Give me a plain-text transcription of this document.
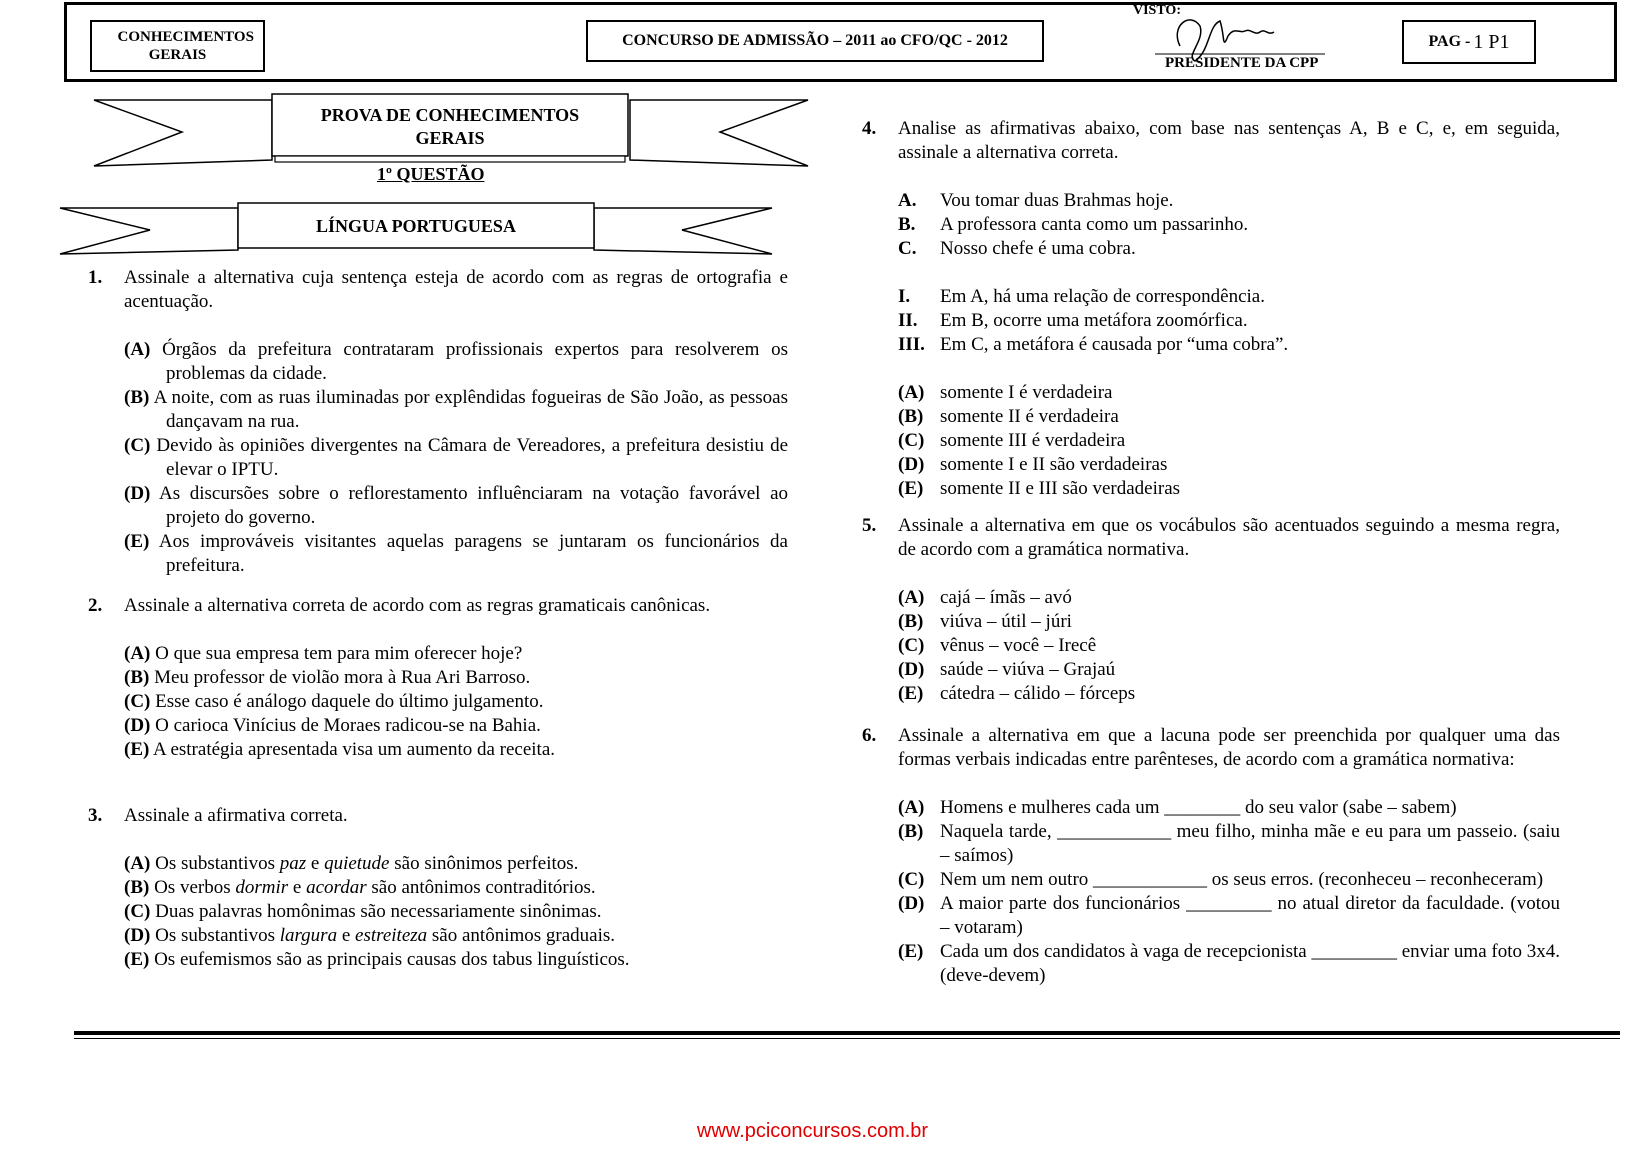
CONHECIMENTOS GERAIS
CONCURSO DE ADMISSÃO – 2011 ao CFO/QC - 2012
VISTO:
PRESIDENTE DA CPP
PAG - 1 P1
PROVA DE CONHECIMENTOS
GERAIS
1º QUESTÃO
LÍNGUA PORTUGUESA
1.	Assinale a alternativa cuja sentença esteja de acordo com as regras de ortografia e acentuação.
(A) Órgãos da prefeitura contrataram profissionais expertos para resolverem os problemas da cidade.
(B) A noite, com as ruas iluminadas por explêndidas fogueiras de São João, as pessoas dançavam na rua.
(C) Devido às opiniões divergentes na Câmara de Vereadores, a prefeitura desistiu de elevar o IPTU.
(D) As discursões sobre o reflorestamento influênciaram na votação favorável ao projeto do governo.
(E) Aos improváveis visitantes aquelas paragens se juntaram os funcionários da prefeitura.
2.	Assinale a alternativa correta de acordo com as regras gramaticais canônicas.
(A) O que sua empresa tem para mim oferecer hoje?
(B) Meu professor de violão mora à Rua Ari Barroso.
(C) Esse caso é análogo daquele do último julgamento.
(D) O carioca Vinícius de Moraes radicou-se na Bahia.
(E) A estratégia apresentada visa um aumento da receita.
3.	Assinale a afirmativa correta.
(A) Os substantivos paz e quietude são sinônimos perfeitos.
(B) Os verbos dormir e acordar são antônimos contraditórios.
(C) Duas palavras homônimas são necessariamente sinônimas.
(D) Os substantivos largura e estreiteza são antônimos graduais.
(E) Os eufemismos são as principais causas dos tabus linguísticos.
4.	Analise as afirmativas abaixo, com base nas sentenças A, B e C, e, em seguida, assinale a alternativa correta.
A.	Vou tomar duas Brahmas hoje.
B.	A professora canta como um passarinho.
C.	Nosso chefe é uma cobra.
I.	Em A, há uma relação de correspondência.
II.	Em B, ocorre uma metáfora zoomórfica.
III. Em C, a metáfora é causada por “uma cobra”.
(A) somente I é verdadeira
(B) somente II é verdadeira
(C) somente III é verdadeira
(D) somente I e II são verdadeiras
(E) somente II e III são verdadeiras
5.	Assinale a alternativa em que os vocábulos são acentuados seguindo a mesma regra, de acordo com a gramática normativa.
(A) cajá – ímãs – avó
(B) viúva – útil – júri
(C) vênus – você – Irecê
(D) saúde – viúva – Grajaú
(E) cátedra – cálido – fórceps
6.	Assinale a alternativa em que a lacuna pode ser preenchida por qualquer uma das formas verbais indicadas entre parênteses, de acordo com a gramática normativa:
(A) Homens e mulheres cada um ________ do seu valor (sabe – sabem)
(B) Naquela tarde, ____________ meu filho, minha mãe e eu para um passeio. (saiu – saímos)
(C) Nem um nem outro ____________ os seus erros. (reconheceu – reconheceram)
(D) A maior parte dos funcionários _________ no atual diretor da faculdade. (votou – votaram)
(E) Cada um dos candidatos à vaga de recepcionista _________ enviar uma foto 3x4. (deve-devem)
www.pciconcursos.com.br
